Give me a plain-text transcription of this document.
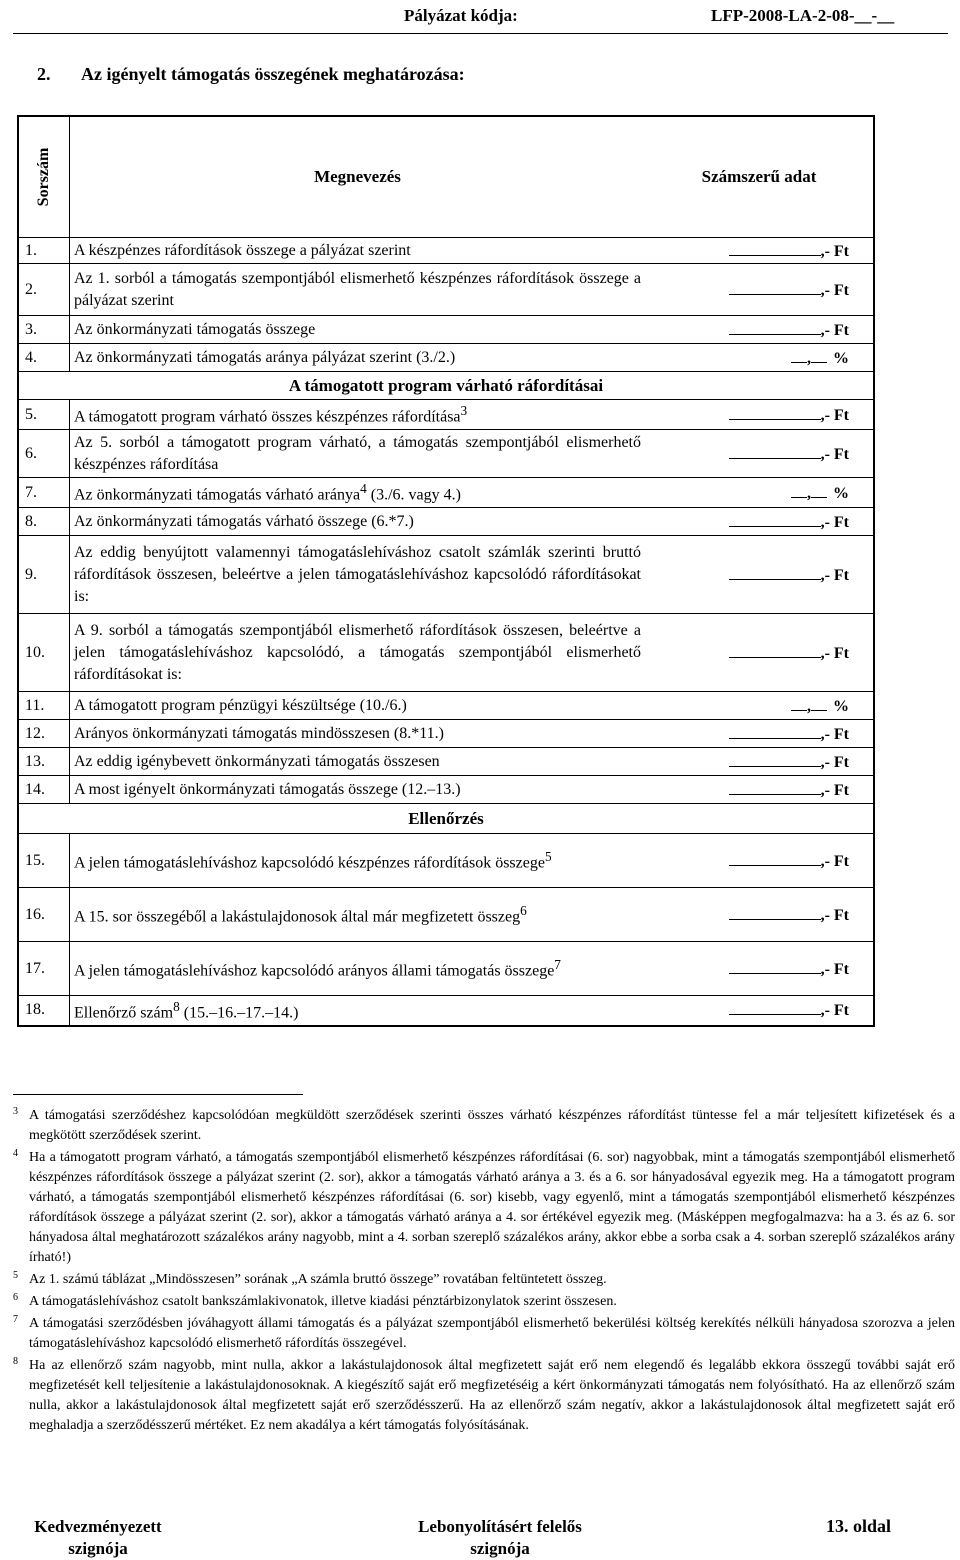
Pályázat kódja:	LFP-2008-LA-2-08-__-__
2. Az igényelt támogatás összegének meghatározása:
Sorszám	Megnevezés	Számszerű adat
1.	A készpénzes ráfordítások összege a pályázat szerint	,- Ft
2.	Az 1. sorból a támogatás szempontjából elismerhető készpénzes ráfordítások összege a pályázat szerint	,- Ft
3.	Az önkormányzati támogatás összege	,- Ft
4.	Az önkormányzati támogatás aránya pályázat szerint (3./2.)	, %
A támogatott program várható ráfordításai		
5.	A támogatott program várható összes készpénzes ráfordítása$^3$	,- Ft
6.	Az 5. sorból a támogatott program várható, a támogatás szempontjából elismerhető készpénzes ráfordítása	,- Ft
7.	Az önkormányzati támogatás várható aránya$^4$ (3./6. vagy 4.)	, %
8.	Az önkormányzati támogatás várható összege (6.*7.)	,- Ft
9.	Az eddig benyújtott valamennyi támogatáslehíváshoz csatolt számlák szerinti bruttó ráfordítások összesen, beleértve a jelen támogatáslehíváshoz kapcsolódó ráfordításokat is:	,- Ft
10.	A 9. sorból a támogatás szempontjából elismerhető ráfordítások összesen, beleértve a jelen támogatáslehíváshoz kapcsolódó, a támogatás szempontjából elismerhető ráfordításokat is:	,- Ft
11.	A támogatott program pénzügyi készültsége (10./6.)	, %
12.	Arányos önkormányzati támogatás mindösszesen (8.*11.)	,- Ft
13.	Az eddig igénybevett önkormányzati támogatás összesen	,- Ft
14.	A most igényelt önkormányzati támogatás összege (12.–13.)	,- Ft
Ellenőrzés		
15.	A jelen támogatáslehíváshoz kapcsolódó készpénzes ráfordítások összege$^5$	,- Ft
16.	A 15. sor összegéből a lakástulajdonosok által már megfizetett összeg$^6$	,- Ft
17.	A jelen támogatáslehíváshoz kapcsolódó arányos állami támogatás összege$^7$	,- Ft
18.	Ellenőrző szám$^8$ (15.–16.–17.–14.)	,- Ft
3 A támogatási szerződéshez kapcsolódóan megküldött szerződések szerinti összes várható készpénzes ráfordítást tüntesse fel a már teljesített kifizetések és a megkötött szerződések szerint.
4 Ha a támogatott program várható, a támogatás szempontjából elismerhető készpénzes ráfordításai (6. sor) nagyobbak, mint a támogatás szempontjából elismerhető készpénzes ráfordítások összege a pályázat szerint (2. sor), akkor a támogatás várható aránya a 3. és a 6. sor hányadosával egyezik meg. Ha a támogatott program várható, a támogatás szempontjából elismerhető készpénzes ráfordításai (6. sor) kisebb, vagy egyenlő, mint a támogatás szempontjából elismerhető készpénzes ráfordítások összege a pályázat szerint (2. sor), akkor a támogatás várható aránya a 4. sor értékével egyezik meg. (Másképpen megfogalmazva: ha a 3. és az 6. sor hányadosa által meghatározott százalékos arány nagyobb, mint a 4. sorban szereplő százalékos arány, akkor ebbe a sorba csak a 4. sorban szereplő százalékos arány írható!)
5 Az 1. számú táblázat „Mindösszesen” sorának „A számla bruttó összege” rovatában feltüntetett összeg.
6 A támogatáslehíváshoz csatolt bankszámlakivonatok, illetve kiadási pénztárbizonylatok szerint összesen.
7 A támogatási szerződésben jóváhagyott állami támogatás és a pályázat szempontjából elismerhető bekerülési költség kerekítés nélküli hányadosa szorozva a jelen támogatáslehíváshoz kapcsolódó elismerhető ráfordítás összegével.
8 Ha az ellenőrző szám nagyobb, mint nulla, akkor a lakástulajdonosok által megfizetett saját erő nem elegendő és legalább ekkora összegű további saját erő megfizetését kell teljesítenie a lakástulajdonosoknak. A kiegészítő saját erő megfizetéséig a kért önkormányzati támogatás nem folyósítható. Ha az ellenőrző szám nulla, akkor a lakástulajdonosok által megfizetett saját erő szerződésszerű. Ha az ellenőrző szám negatív, akkor a lakástulajdonosok által megfizetett saját erő meghaladja a szerződésszerű mértéket. Ez nem akadálya a kért támogatás folyósításának.
Kedvezményezett
szignója
Lebonyolításért felelős
szignója
13. oldal
